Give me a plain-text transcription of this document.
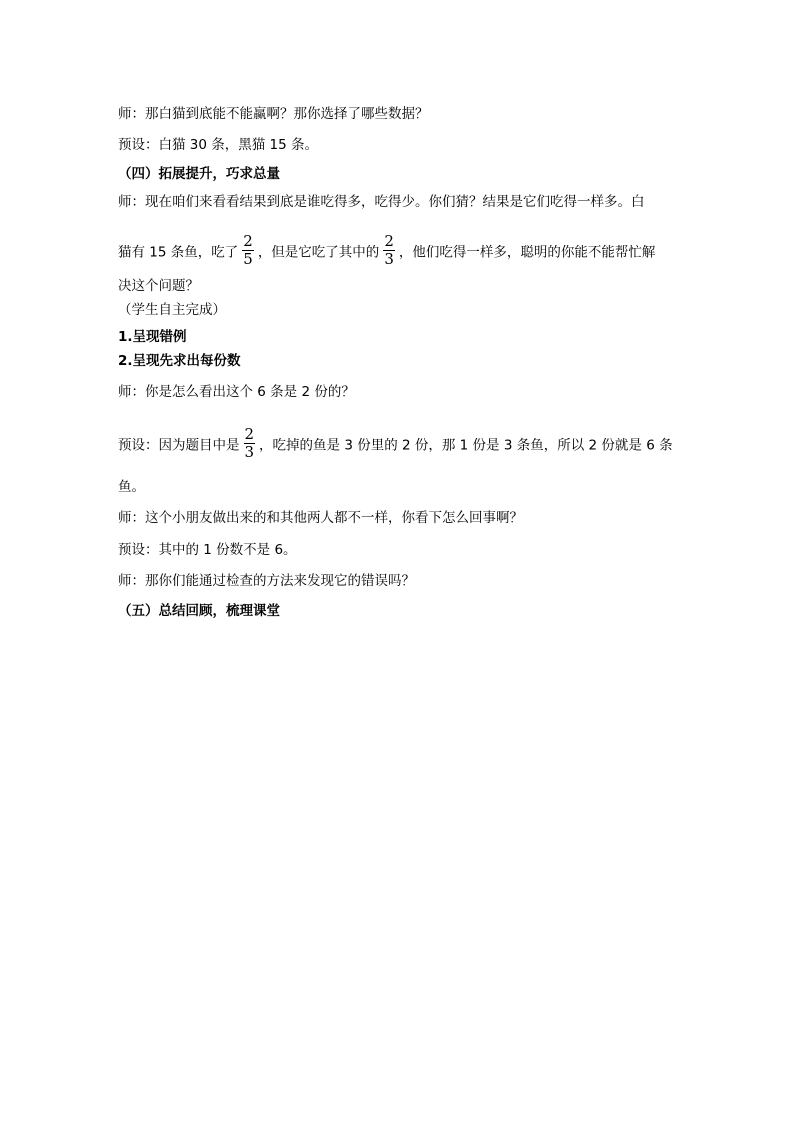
师：那白猫到底能不能赢啊？那你选择了哪些数据？
预设：白猫 30 条，黑猫 15 条。
（四）拓展提升，巧求总量
师：现在咱们来看看结果到底是谁吃得多，吃得少。你们猜？结果是它们吃得一样多。白
猫有 15 条鱼，吃了 $\frac{2}{5}$ ，但是它吃了其中的 $\frac{2}{3}$ ，他们吃得一样多，聪明的你能不能帮忙解
决这个问题？
（学生自主完成）
1.呈现错例
2.呈现先求出每份数
师：你是怎么看出这个 6 条是 2 份的？
预设：因为题目中是 $\frac{2}{3}$ ，吃掉的鱼是 3 份里的 2 份，那 1 份是 3 条鱼，所以 2 份就是 6 条
鱼。
师：这个小朋友做出来的和其他两人都不一样，你看下怎么回事啊？
预设：其中的 1 份数不是 6。
师：那你们能通过检查的方法来发现它的错误吗？
（五）总结回顾，梳理课堂
